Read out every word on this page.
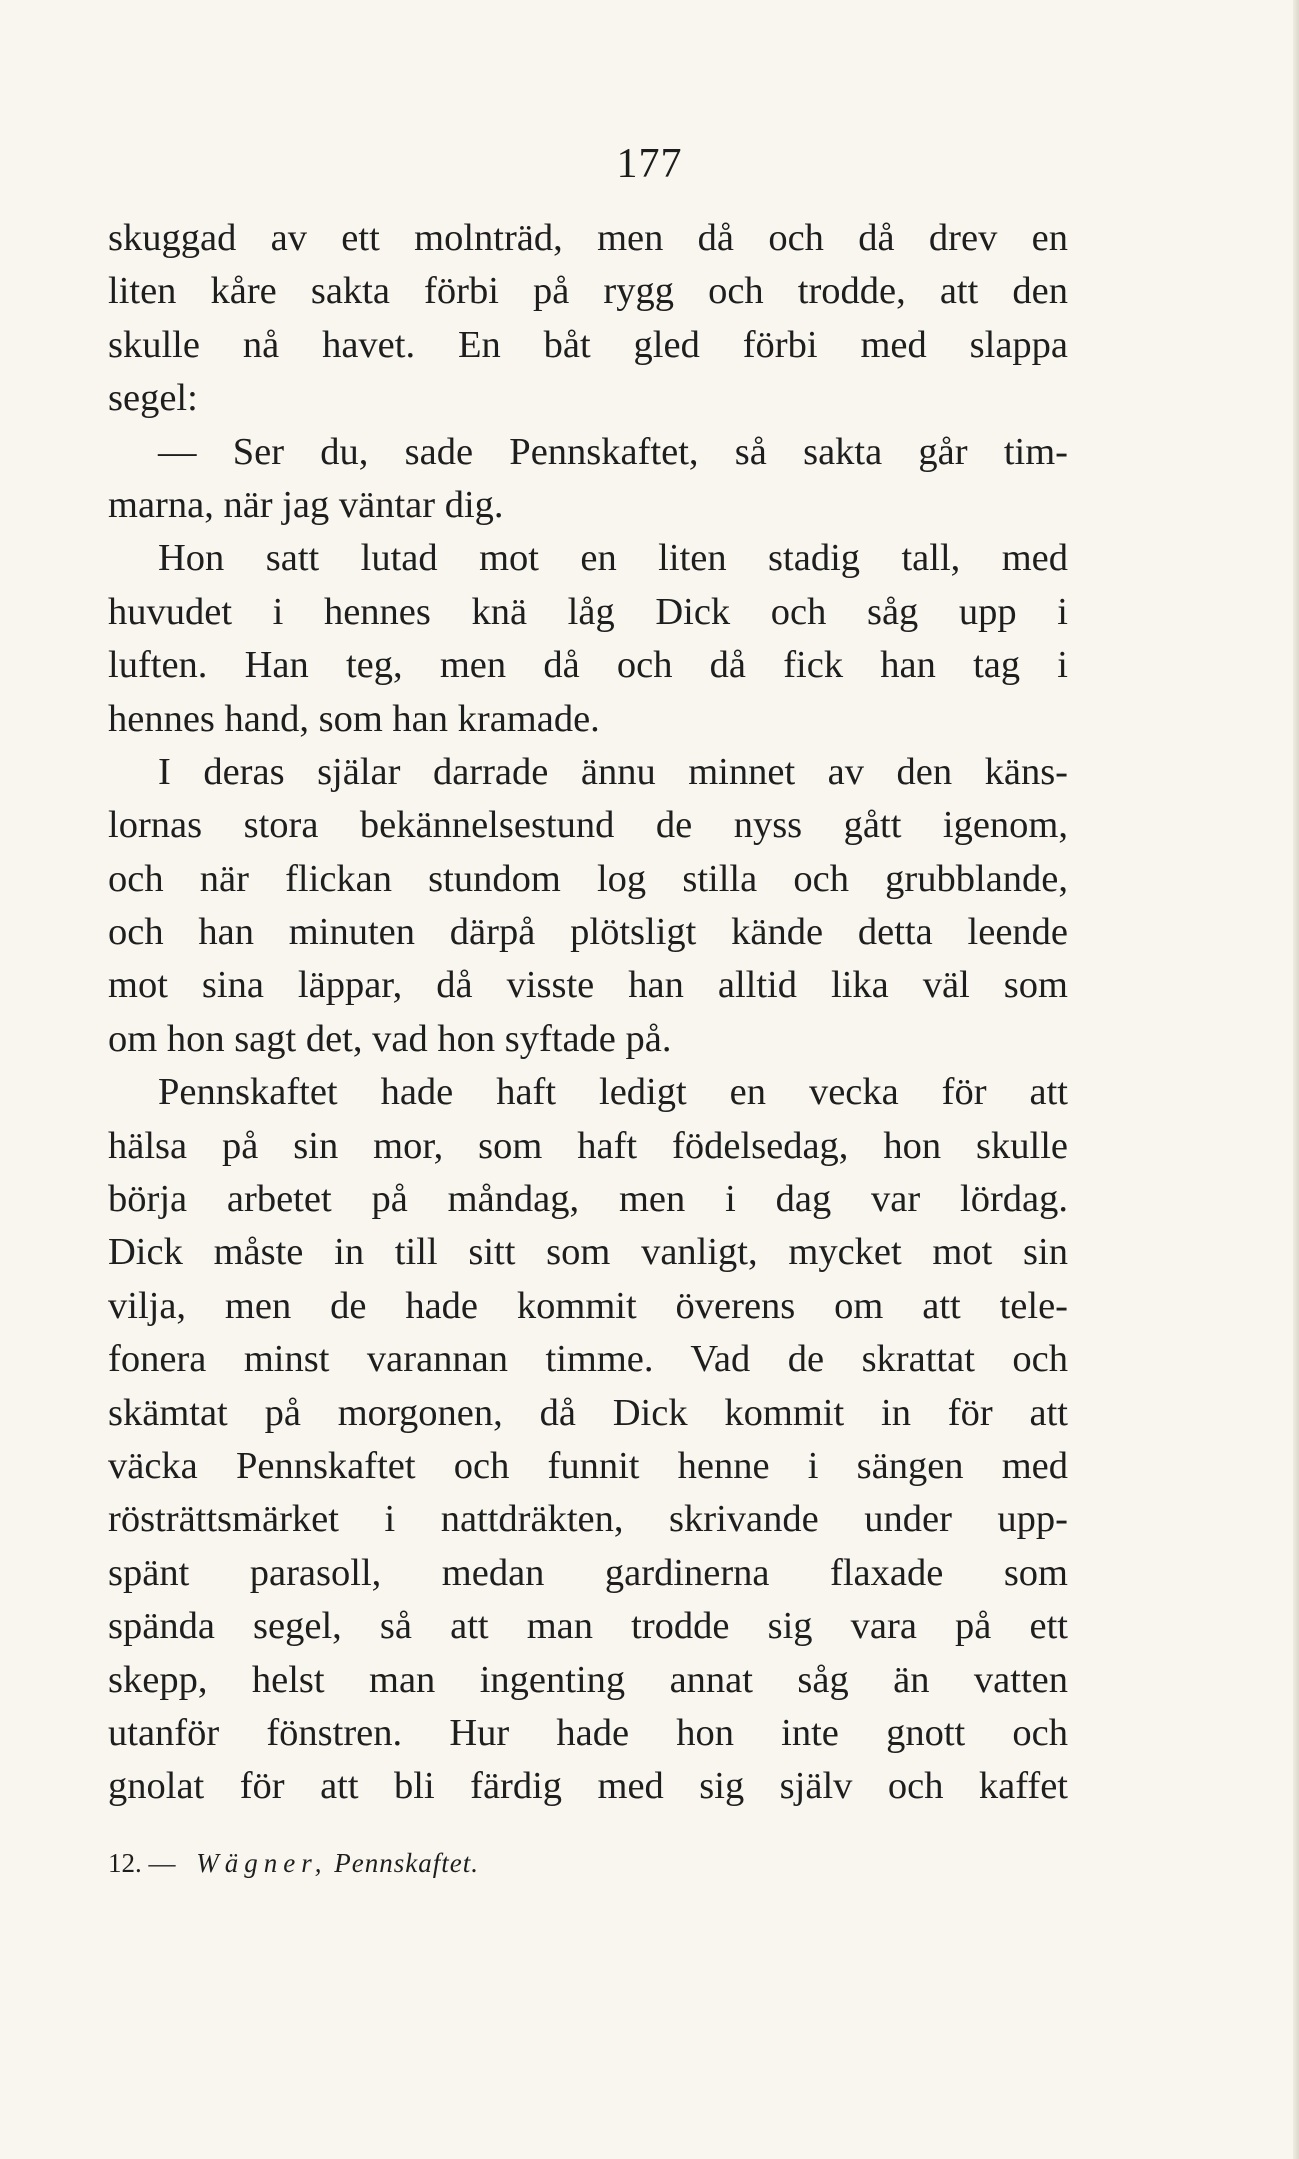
177
skuggad av ett molnträd, men då och då drev en
liten kåre sakta förbi på rygg och trodde, att den
skulle nå havet. En båt gled förbi med slappa
segel:
— Ser du, sade Pennskaftet, så sakta går tim-
marna, när jag väntar dig.
Hon satt lutad mot en liten stadig tall, med
huvudet i hennes knä låg Dick och såg upp i
luften. Han teg, men då och då fick han tag i
hennes hand, som han kramade.
I deras själar darrade ännu minnet av den käns-
lornas stora bekännelsestund de nyss gått igenom,
och när flickan stundom log stilla och grubblande,
och han minuten därpå plötsligt kände detta leende
mot sina läppar, då visste han alltid lika väl som
om hon sagt det, vad hon syftade på.
Pennskaftet hade haft ledigt en vecka för att
hälsa på sin mor, som haft födelsedag, hon skulle
börja arbetet på måndag, men i dag var lördag.
Dick måste in till sitt som vanligt, mycket mot sin
vilja, men de hade kommit överens om att tele-
fonera minst varannan timme. Vad de skrattat och
skämtat på morgonen, då Dick kommit in för att
väcka Pennskaftet och funnit henne i sängen med
rösträttsmärket i nattdräkten, skrivande under upp-
spänt parasoll, medan gardinerna flaxade som
spända segel, så att man trodde sig vara på ett
skepp, helst man ingenting annat såg än vatten
utanför fönstren. Hur hade hon inte gnott och
gnolat för att bli färdig med sig själv och kaffet
12. — Wägner, Pennskaftet.
